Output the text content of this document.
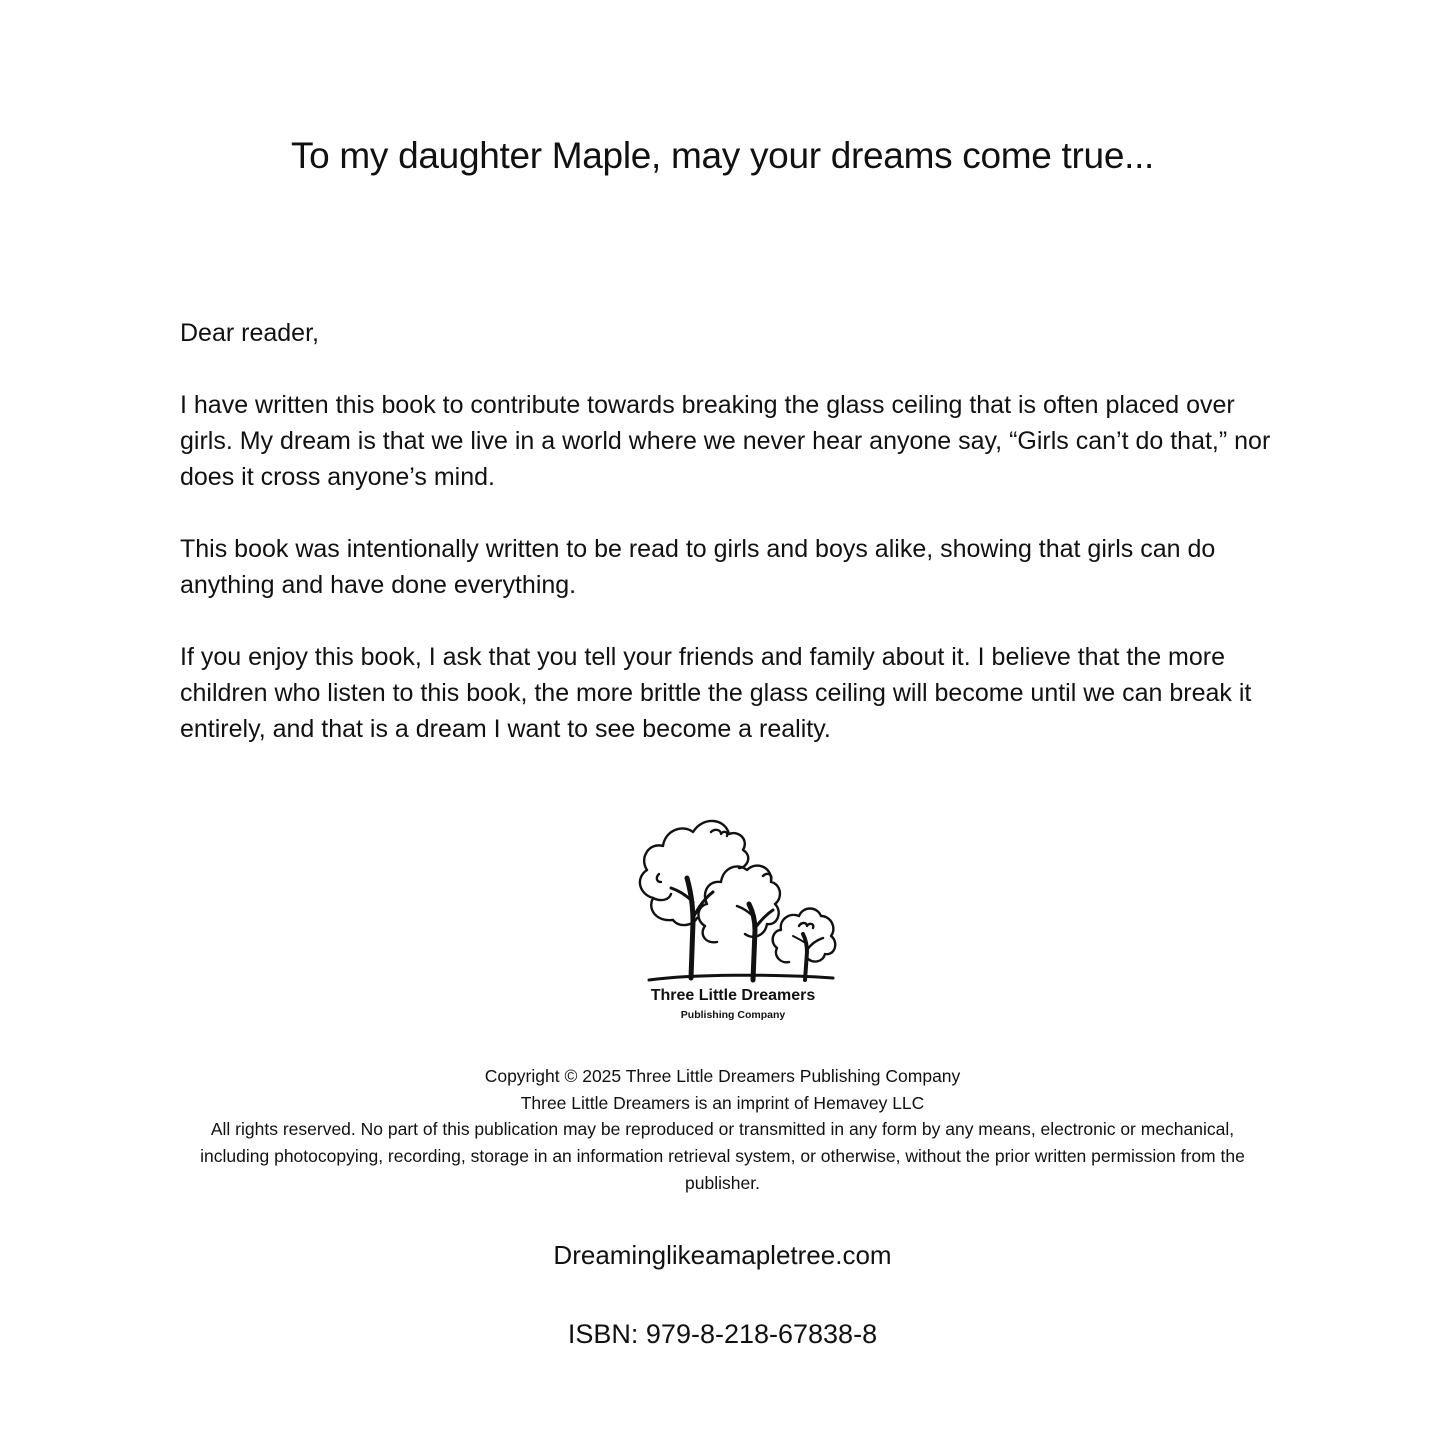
To my daughter Maple, may your dreams come true...

Dear reader,

I have written this book to contribute towards breaking the glass ceiling that is often placed over girls. My dream is that we live in a world where we never hear anyone say, “Girls can’t do that,” nor does it cross anyone’s mind.

This book was intentionally written to be read to girls and boys alike, showing that girls can do anything and have done everything.

If you enjoy this book, I ask that you tell your friends and family about it. I believe that the more children who listen to this book, the more brittle the glass ceiling will become until we can break it entirely, and that is a dream I want to see become a reality.

Three Little Dreamers
Publishing Company
Copyright © 2025 Three Little Dreamers Publishing Company
Three Little Dreamers is an imprint of Hemavey LLC
All rights reserved. No part of this publication may be reproduced or transmitted in any form by any means, electronic or mechanical, including photocopying, recording, storage in an information retrieval system, or otherwise, without the prior written permission from the publisher.
Dreaminglikeamapletree.com
ISBN: 979-8-218-67838-8
